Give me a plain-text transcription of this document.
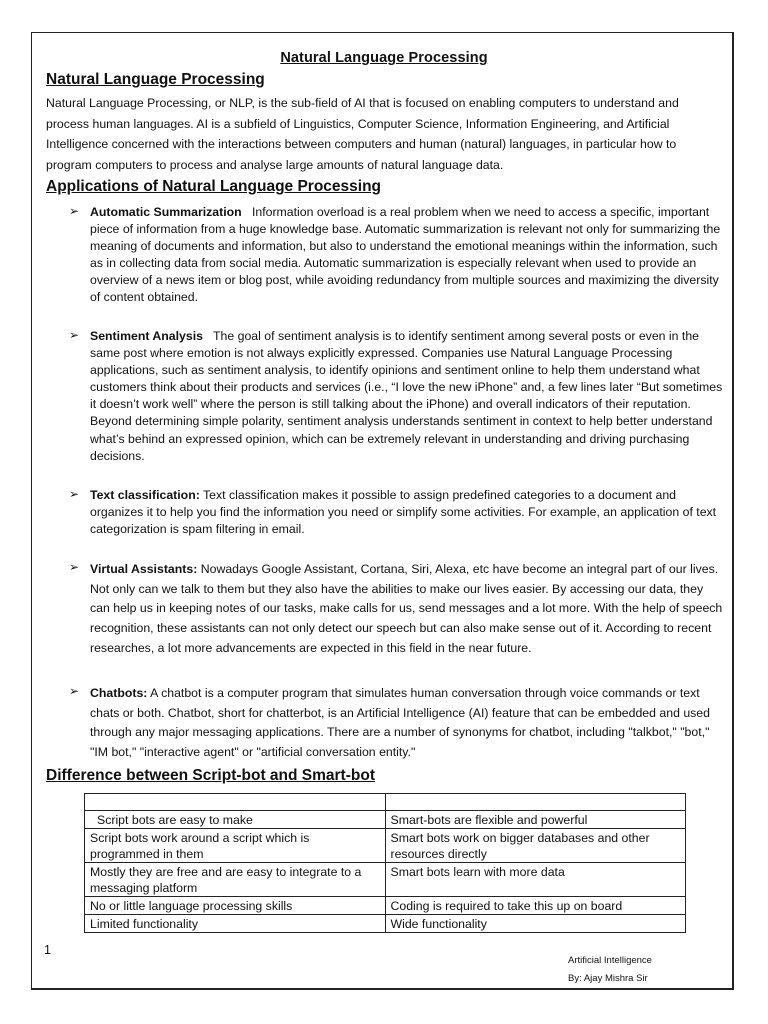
Natural Language Processing
Natural Language Processing
Natural Language Processing, or NLP, is the sub-field of AI that is focused on enabling computers to understand and process human languages. AI is a subfield of Linguistics, Computer Science, Information Engineering, and Artificial Intelligence concerned with the interactions between computers and human (natural) languages, in particular how to program computers to process and analyse large amounts of natural language data.
Applications of Natural Language Processing
➢ Automatic Summarization Information overload is a real problem when we need to access a specific, important piece of information from a huge knowledge base. Automatic summarization is relevant not only for summarizing the meaning of documents and information, but also to understand the emotional meanings within the information, such as in collecting data from social media. Automatic summarization is especially relevant when used to provide an overview of a news item or blog post, while avoiding redundancy from multiple sources and maximizing the diversity of content obtained.
➢ Sentiment Analysis The goal of sentiment analysis is to identify sentiment among several posts or even in the same post where emotion is not always explicitly expressed. Companies use Natural Language Processing applications, such as sentiment analysis, to identify opinions and sentiment online to help them understand what customers think about their products and services (i.e., “I love the new iPhone” and, a few lines later “But sometimes it doesn’t work well” where the person is still talking about the iPhone) and overall indicators of their reputation. Beyond determining simple polarity, sentiment analysis understands sentiment in context to help better understand what’s behind an expressed opinion, which can be extremely relevant in understanding and driving purchasing decisions.
➢ Text classification: Text classification makes it possible to assign predefined categories to a document and organizes it to help you find the information you need or simplify some activities. For example, an application of text categorization is spam filtering in email.
➢ Virtual Assistants: Nowadays Google Assistant, Cortana, Siri, Alexa, etc have become an integral part of our lives. Not only can we talk to them but they also have the abilities to make our lives easier. By accessing our data, they can help us in keeping notes of our tasks, make calls for us, send messages and a lot more. With the help of speech recognition, these assistants can not only detect our speech but can also make sense out of it. According to recent researches, a lot more advancements are expected in this field in the near future.
➢ Chatbots: A chatbot is a computer program that simulates human conversation through voice commands or text chats or both. Chatbot, short for chatterbot, is an Artificial Intelligence (AI) feature that can be embedded and used through any major messaging applications. There are a number of synonyms for chatbot, including "talkbot," "bot," "IM bot," "interactive agent" or "artificial conversation entity."
Difference between Script-bot and Smart-bot

Script bots are easy to make	Smart-bots are flexible and powerful
Script bots work around a script which is programmed in them	Smart bots work on bigger databases and other resources directly
Mostly they are free and are easy to integrate to a messaging platform	Smart bots learn with more data
No or little language processing skills	Coding is required to take this up on board
Limited functionality	Wide functionality
1
Artificial Intelligence
By: Ajay Mishra Sir
